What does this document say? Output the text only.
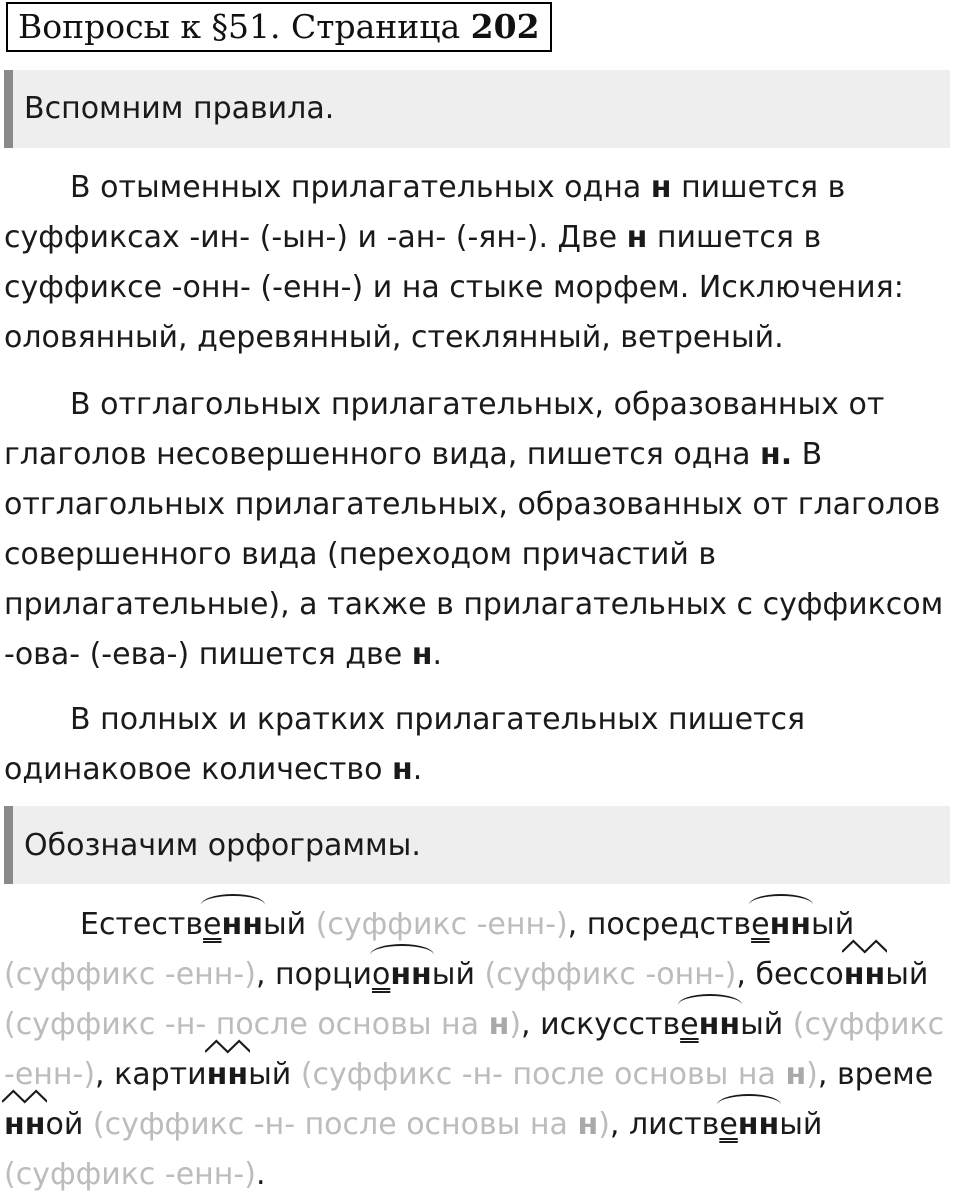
Вопросы к §51. Страница 202
Вспомним правила.

В отыменных прилагательных одна н пишется в суффиксах -ин- (-ын-) и -ан- (-ян-). Две н пишется в суффиксе -онн- (-енн-) и на стыке морфем. Исключения: оловянный, деревянный, стеклянный, ветреный.

В отглагольных прилагательных, образованных от глаголов несовершенного вида, пишется одна н. В отглагольных прилагательных, образованных от глаголов совершенного вида (переходом причастий в прилагательные), а также в прилагательных с суффиксом -ова- (-ева-) пишется две н.

В полных и кратких прилагательных пишется одинаковое количество н.

Обозначим орфограммы.

Естественн
ый (суффикс -енн-), посредственн
ый (суффикс -енн-), порционн
ый (суффикс -онн-), бессонн
ый (суффикс -н- после основы на н), искусственн
ый (суффикс -енн-), картинн
ый (суффикс -н- после основы на н), временн
ой (суффикс -н- после основы на н), лиственн
ый (суффикс -енн-).
